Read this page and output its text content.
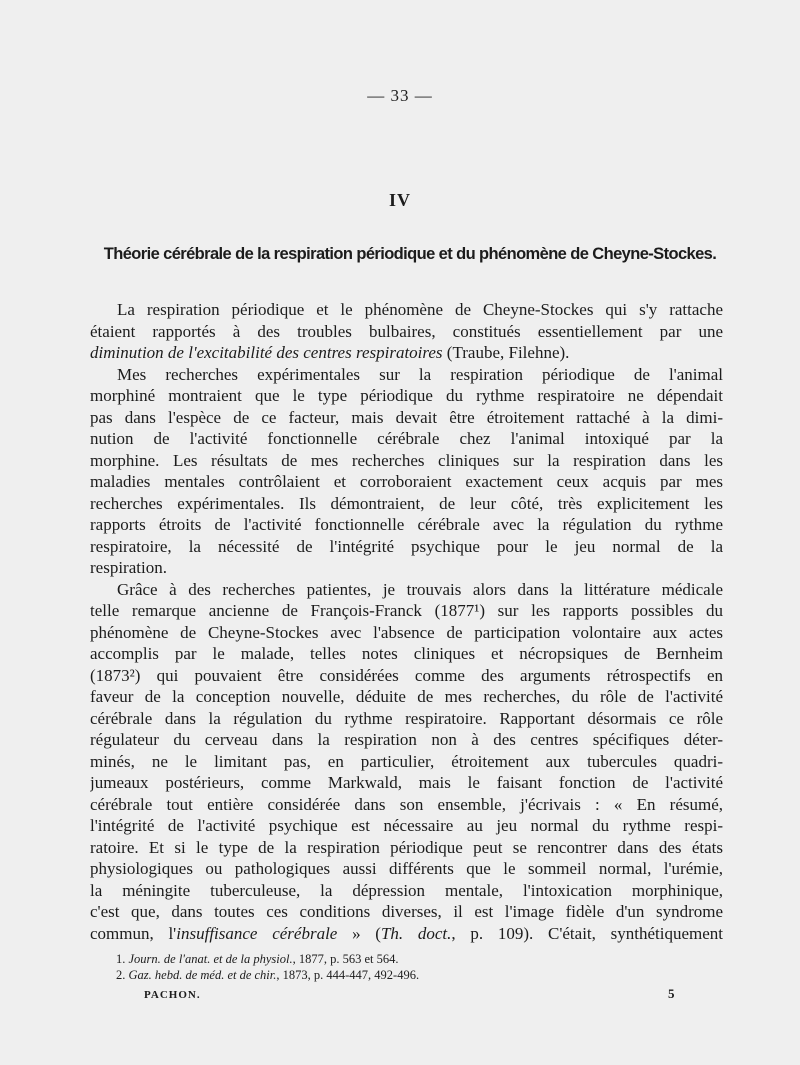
— 33 —
IV
Théorie cérébrale de la respiration périodique et du phénomène de Cheyne-Stockes.
La respiration périodique et le phénomène de Cheyne-Stockes qui s'y rattache
étaient rapportés à des troubles bulbaires, constitués essentiellement par une
diminution de l'excitabilité des centres respiratoires (Traube, Filehne).
Mes recherches expérimentales sur la respiration périodique de l'animal
morphiné montraient que le type périodique du rythme respiratoire ne dépendait
pas dans l'espèce de ce facteur, mais devait être étroitement rattaché à la dimi-
nution de l'activité fonctionnelle cérébrale chez l'animal intoxiqué par la
morphine. Les résultats de mes recherches cliniques sur la respiration dans les
maladies mentales contrôlaient et corroboraient exactement ceux acquis par mes
recherches expérimentales. Ils démontraient, de leur côté, très explicitement les
rapports étroits de l'activité fonctionnelle cérébrale avec la régulation du rythme
respiratoire, la nécessité de l'intégrité psychique pour le jeu normal de la
respiration.
Grâce à des recherches patientes, je trouvais alors dans la littérature médicale
telle remarque ancienne de François-Franck (1877¹) sur les rapports possibles du
phénomène de Cheyne-Stockes avec l'absence de participation volontaire aux actes
accomplis par le malade, telles notes cliniques et nécropsiques de Bernheim
(1873²) qui pouvaient être considérées comme des arguments rétrospectifs en
faveur de la conception nouvelle, déduite de mes recherches, du rôle de l'activité
cérébrale dans la régulation du rythme respiratoire. Rapportant désormais ce rôle
régulateur du cerveau dans la respiration non à des centres spécifiques déter-
minés, ne le limitant pas, en particulier, étroitement aux tubercules quadri-
jumeaux postérieurs, comme Markwald, mais le faisant fonction de l'activité
cérébrale tout entière considérée dans son ensemble, j'écrivais : « En résumé,
l'intégrité de l'activité psychique est nécessaire au jeu normal du rythme respi-
ratoire. Et si le type de la respiration périodique peut se rencontrer dans des états
physiologiques ou pathologiques aussi différents que le sommeil normal, l'urémie,
la méningite tuberculeuse, la dépression mentale, l'intoxication morphinique,
c'est que, dans toutes ces conditions diverses, il est l'image fidèle d'un syndrome
commun, l'insuffisance cérébrale » (Th. doct., p. 109). C'était, synthétiquement
1. Journ. de l'anat. et de la physiol., 1877, p. 563 et 564.
2. Gaz. hebd. de méd. et de chir., 1873, p. 444-447, 492-496.
PACHON.	5
